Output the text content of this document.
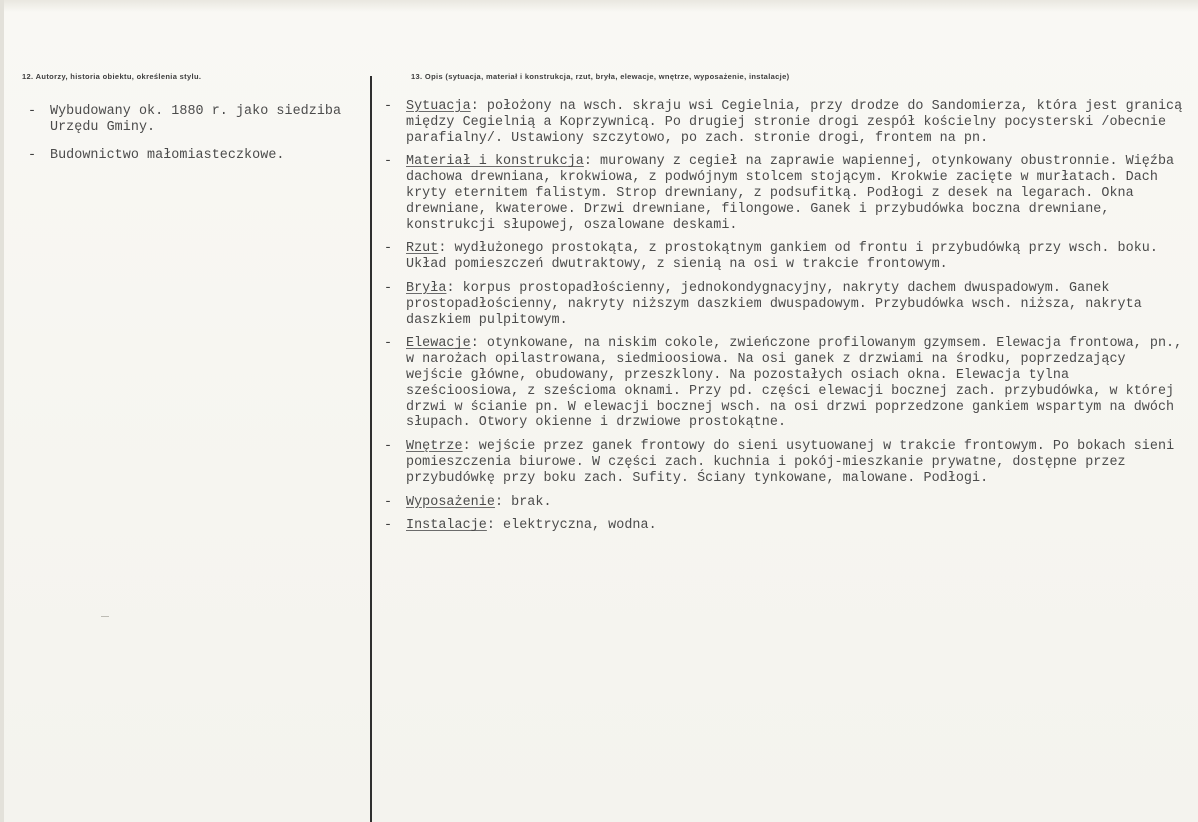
12. Autorzy, historia obiektu, określenia stylu.	13. Opis (sytuacja, materiał i konstrukcja, rzut, bryła, elewacje, wnętrze, wyposażenie, instalacje)
- Wybudowany ok. 1880 r. jako siedziba Urzędu Gminy.
- Budownictwo małomiasteczkowe.
- Sytuacja: położony na wsch. skraju wsi Cegielnia, przy drodze do Sandomierza, która jest granicą między Cegielnią a Koprzywnicą. Po drugiej stronie drogi zespół kościelny pocysterski /obecnie parafialny/. Ustawiony szczytowo, po zach. stronie drogi, frontem na pn.
- Materiał i konstrukcja: murowany z cegieł na zaprawie wapiennej, otynkowany obustronnie. Więźba dachowa drewniana, krokwiowa, z podwójnym stolcem stojącym. Krokwie zacięte w murłatach. Dach kryty eternitem falistym. Strop drewniany, z podsufitką. Podłogi z desek na legarach. Okna drewniane, kwaterowe. Drzwi drewniane, filongowe. Ganek i przybudówka boczna drewniane, konstrukcji słupowej, oszalowane deskami.
- Rzut: wydłużonego prostokąta, z prostokątnym gankiem od frontu i przybudówką przy wsch. boku. Układ pomieszczeń dwutraktowy, z sienią na osi w trakcie frontowym.
- Bryła: korpus prostopadłościenny, jednokondygnacyjny, nakryty dachem dwuspadowym. Ganek prostopadłościenny, nakryty niższym daszkiem dwuspadowym. Przybudówka wsch. niższa, nakryta daszkiem pulpitowym.
- Elewacje: otynkowane, na niskim cokole, zwieńczone profilowanym gzymsem. Elewacja frontowa, pn., w narożach opilastrowana, siedmioosiowa. Na osi ganek z drzwiami na środku, poprzedzający wejście główne, obudowany, przeszklony. Na pozostałych osiach okna. Elewacja tylna sześcioosiowa, z sześcioma oknami. Przy pd. części elewacji bocznej zach. przybudówka, w której drzwi w ścianie pn. W elewacji bocznej wsch. na osi drzwi poprzedzone gankiem wspartym na dwóch słupach. Otwory okienne i drzwiowe prostokątne.
- Wnętrze: wejście przez ganek frontowy do sieni usytuowanej w trakcie frontowym. Po bokach sieni pomieszczenia biurowe. W części zach. kuchnia i pokój-mieszkanie prywatne, dostępne przez przybudówkę przy boku zach. Sufity. Ściany tynkowane, malowane. Podłogi.
- Wyposażenie: brak.
- Instalacje: elektryczna, wodna.
